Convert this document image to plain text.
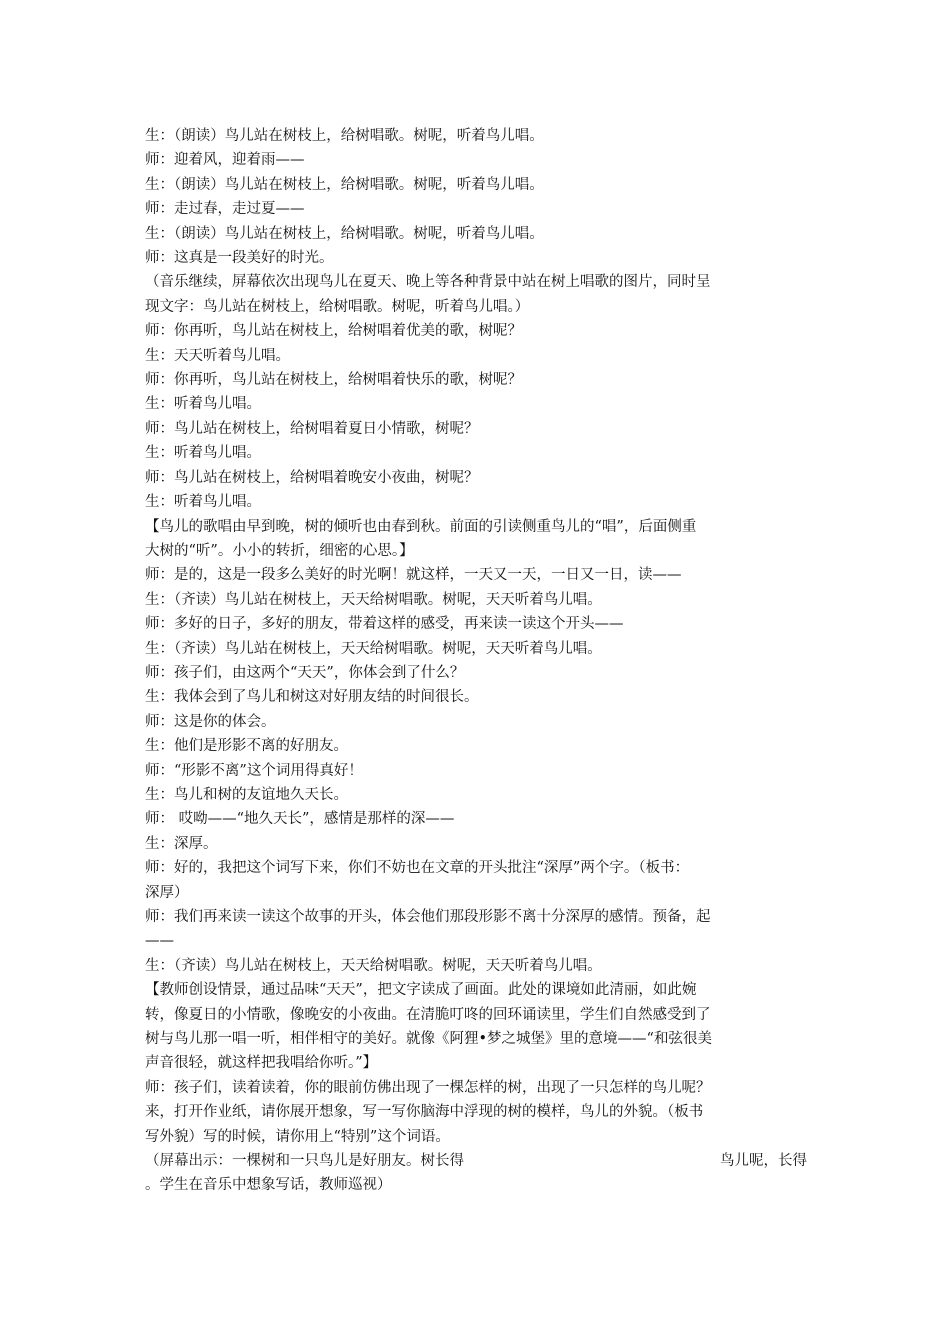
生：（朗读）鸟儿站在树枝上，给树唱歌。树呢，听着鸟儿唱。
师：迎着风，迎着雨——
生：（朗读）鸟儿站在树枝上，给树唱歌。树呢，听着鸟儿唱。
师：走过春，走过夏——
生：（朗读）鸟儿站在树枝上，给树唱歌。树呢，听着鸟儿唱。
师：这真是一段美好的时光。
（音乐继续，屏幕依次出现鸟儿在夏天、晚上等各种背景中站在树上唱歌的图片，同时呈
现文字：鸟儿站在树枝上，给树唱歌。树呢，听着鸟儿唱。）
师：你再听，鸟儿站在树枝上，给树唱着优美的歌，树呢？
生：天天听着鸟儿唱。
师：你再听，鸟儿站在树枝上，给树唱着快乐的歌，树呢？
生：听着鸟儿唱。
师：鸟儿站在树枝上，给树唱着夏日小情歌，树呢？
生：听着鸟儿唱。
师：鸟儿站在树枝上，给树唱着晚安小夜曲，树呢？
生：听着鸟儿唱。
【鸟儿的歌唱由早到晚，树的倾听也由春到秋。前面的引读侧重鸟儿的“唱”，后面侧重
大树的“听”。小小的转折，细密的心思。】
师：是的，这是一段多么美好的时光啊！就这样，一天又一天，一日又一日，读——
生：（齐读）鸟儿站在树枝上，天天给树唱歌。树呢，天天听着鸟儿唱。
师：多好的日子，多好的朋友，带着这样的感受，再来读一读这个开头——
生：（齐读）鸟儿站在树枝上，天天给树唱歌。树呢，天天听着鸟儿唱。
师：孩子们，由这两个“天天”，你体会到了什么？
生：我体会到了鸟儿和树这对好朋友结的时间很长。
师：这是你的体会。
生：他们是形影不离的好朋友。
师：“形影不离”这个词用得真好！
生：鸟儿和树的友谊地久天长。
师： 哎呦——“地久天长”，感情是那样的深——
生：深厚。
师：好的，我把这个词写下来，你们不妨也在文章的开头批注“深厚”两个字。（板书：
深厚）
师：我们再来读一读这个故事的开头，体会他们那段形影不离十分深厚的感情。预备，起
——
生：（齐读）鸟儿站在树枝上，天天给树唱歌。树呢，天天听着鸟儿唱。
【教师创设情景，通过品味“天天”，把文字读成了画面。此处的课境如此清丽，如此婉
转，像夏日的小情歌，像晚安的小夜曲。在清脆叮咚的回环诵读里，学生们自然感受到了
树与鸟儿那一唱一听，相伴相守的美好。就像《阿狸•梦之城堡》里的意境——“和弦很美
声音很轻，就这样把我唱给你听。”】
师：孩子们，读着读着，你的眼前仿佛出现了一棵怎样的树，出现了一只怎样的鸟儿呢？
来，打开作业纸，请你展开想象，写一写你脑海中浮现的树的模样，鸟儿的外貌。（板书
写外貌）写的时候，请你用上“特别”这个词语。
（屏幕出示：一棵树和一只鸟儿是好朋友。树长得	鸟儿呢，长得
。学生在音乐中想象写话，教师巡视）
